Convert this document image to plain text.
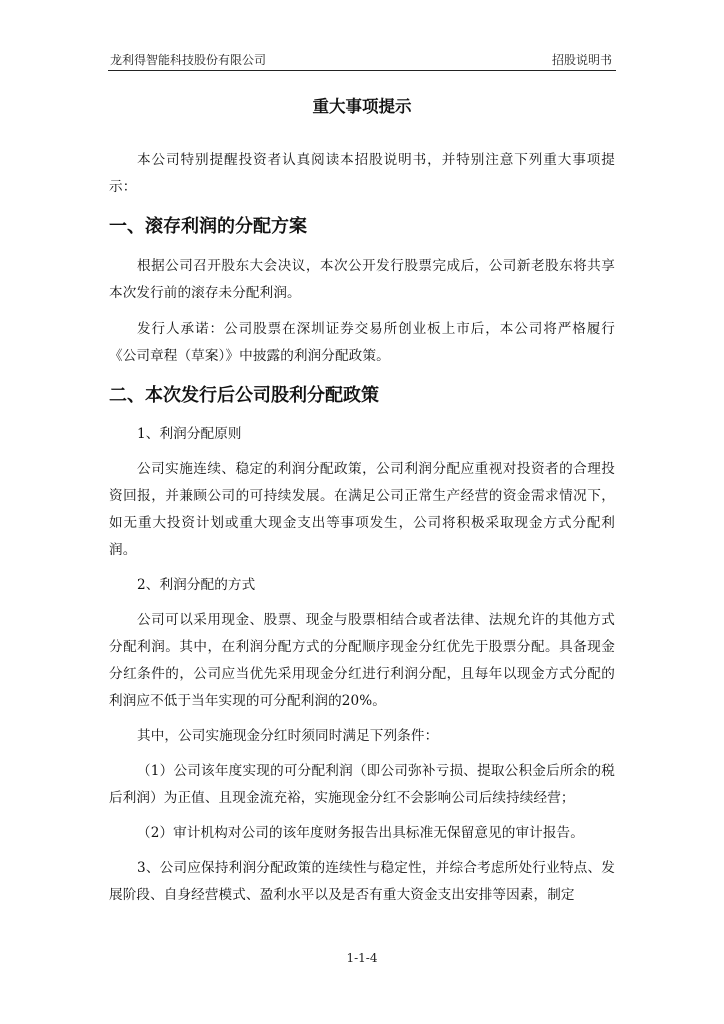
龙利得智能科技股份有限公司	招股说明书
重大事项提示

本公司特别提醒投资者认真阅读本招股说明书，并特别注意下列重大事项提示：

一、滚存利润的分配方案

根据公司召开股东大会决议，本次公开发行股票完成后，公司新老股东将共享本次发行前的滚存未分配利润。

发行人承诺：公司股票在深圳证券交易所创业板上市后，本公司将严格履行《公司章程（草案）》中披露的利润分配政策。

二、本次发行后公司股利分配政策

1、利润分配原则

公司实施连续、稳定的利润分配政策，公司利润分配应重视对投资者的合理投资回报，并兼顾公司的可持续发展。在满足公司正常生产经营的资金需求情况下，如无重大投资计划或重大现金支出等事项发生，公司将积极采取现金方式分配利润。

2、利润分配的方式

公司可以采用现金、股票、现金与股票相结合或者法律、法规允许的其他方式分配利润。其中，在利润分配方式的分配顺序现金分红优先于股票分配。具备现金分红条件的，公司应当优先采用现金分红进行利润分配，且每年以现金方式分配的利润应不低于当年实现的可分配利润的20%。

其中，公司实施现金分红时须同时满足下列条件：

（1）公司该年度实现的可分配利润（即公司弥补亏损、提取公积金后所余的税后利润）为正值、且现金流充裕，实施现金分红不会影响公司后续持续经营；

（2）审计机构对公司的该年度财务报告出具标准无保留意见的审计报告。

3、公司应保持利润分配政策的连续性与稳定性，并综合考虑所处行业特点、发展阶段、自身经营模式、盈利水平以及是否有重大资金支出安排等因素，制定

1-1-4
